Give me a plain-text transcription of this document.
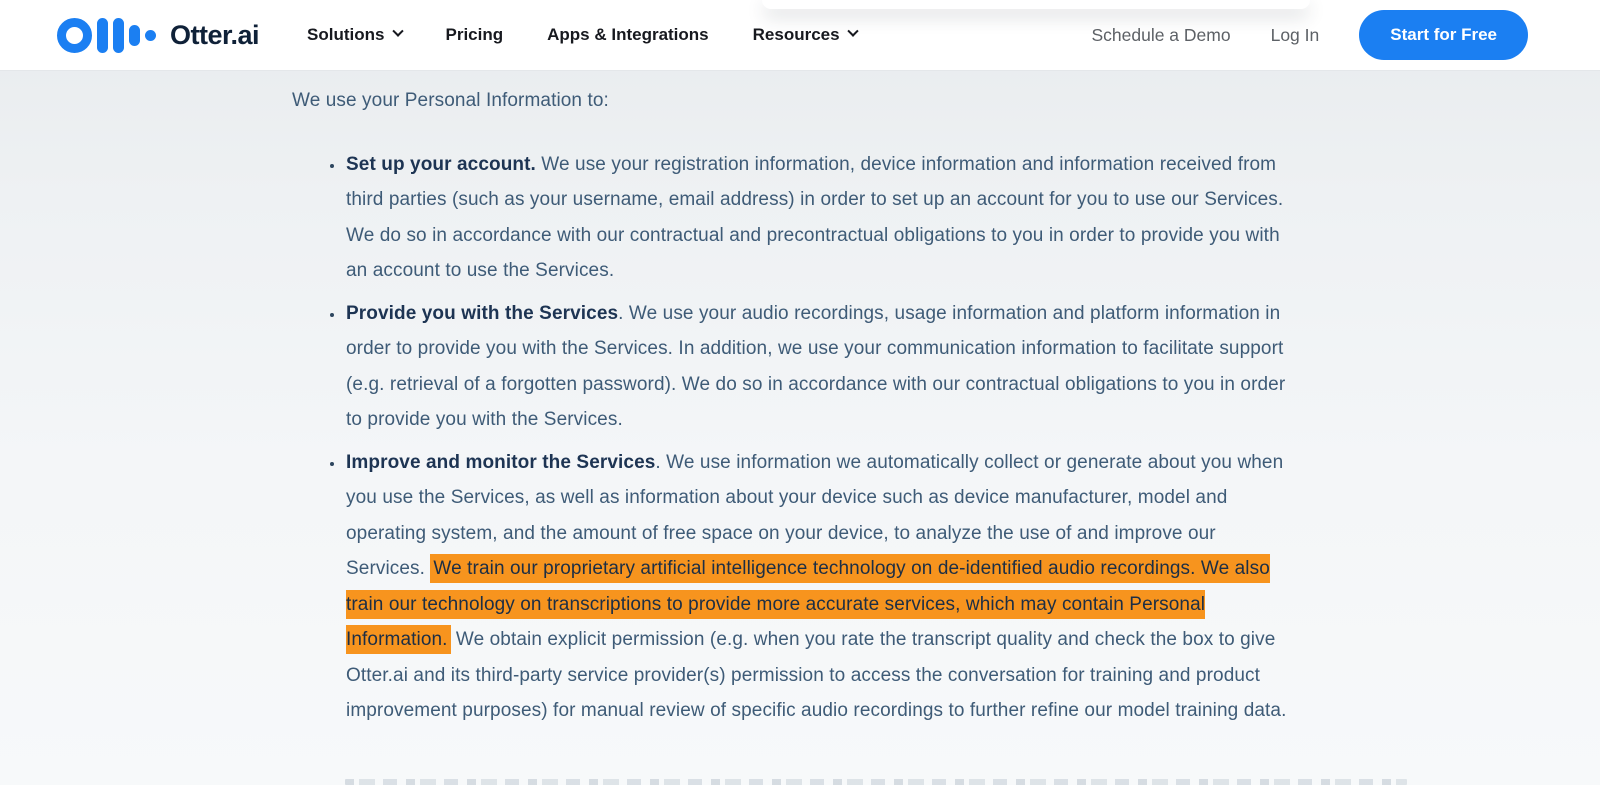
Otter.ai	Solutions	Pricing	Apps & Integrations	Resources	Schedule a Demo Log In	Start for Free

We use your Personal Information to:

• Set up your account. We use your registration information, device information and information received from third parties (such as your username, email address) in order to set up an account for you to use our Services. We do so in accordance with our contractual and precontractual obligations to you in order to provide you with an account to use the Services.
• Provide you with the Services. We use your audio recordings, usage information and platform information in order to provide you with the Services. In addition, we use your communication information to facilitate support (e.g. retrieval of a forgotten password). We do so in accordance with our contractual obligations to you in order to provide you with the Services.
• Improve and monitor the Services. We use information we automatically collect or generate about you when you use the Services, as well as information about your device such as device manufacturer, model and operating system, and the amount of free space on your device, to analyze the use of and improve our Services. We train our proprietary artificial intelligence technology on de-identified audio recordings. We also train our technology on transcriptions to provide more accurate services, which may contain Personal Information. We obtain explicit permission (e.g. when you rate the transcript quality and check the box to give Otter.ai and its third-party service provider(s) permission to access the conversation for training and product improvement purposes) for manual review of specific audio recordings to further refine our model training data.
